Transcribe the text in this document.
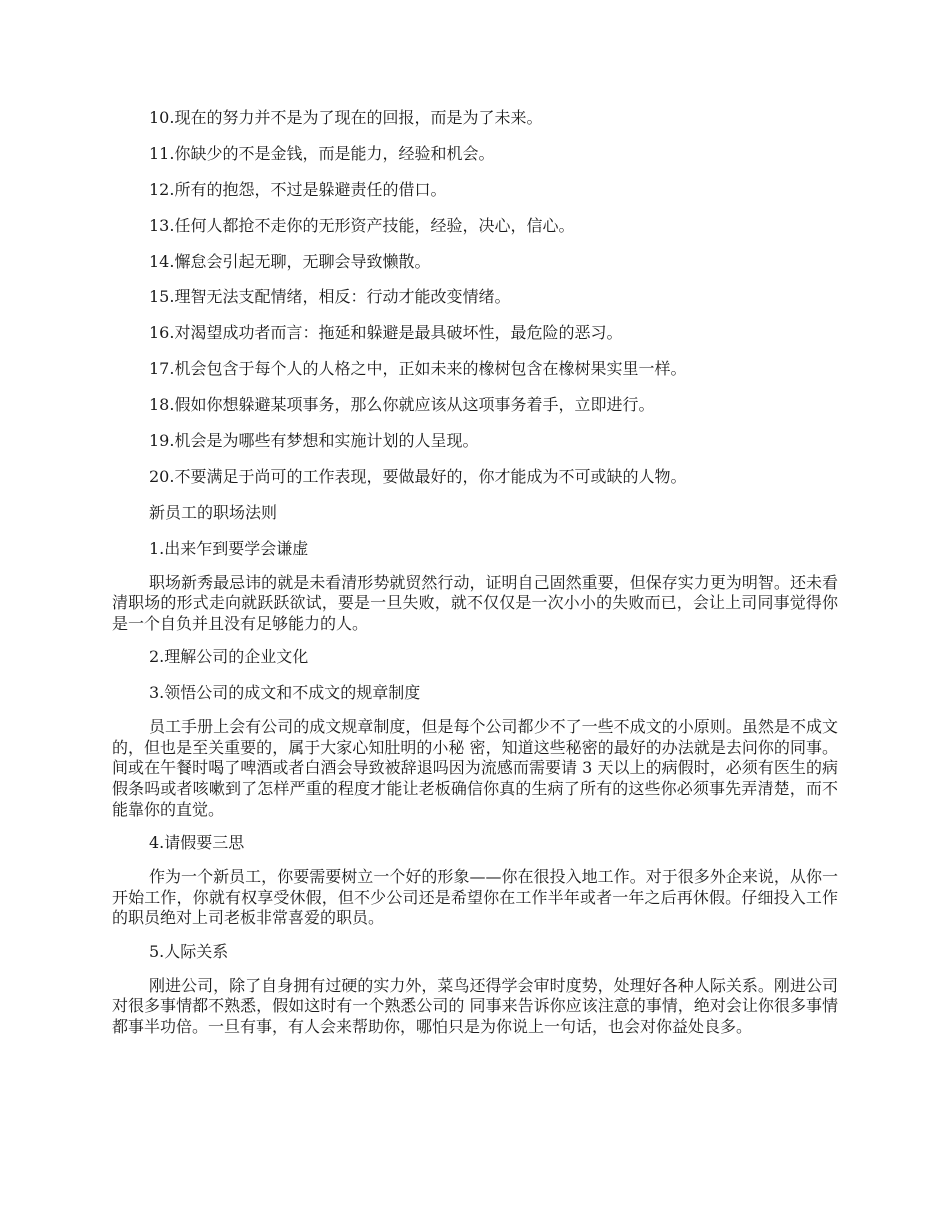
10.现在的努力并不是为了现在的回报，而是为了未来。
11.你缺少的不是金钱，而是能力，经验和机会。
12.所有的抱怨，不过是躲避责任的借口。
13.任何人都抢不走你的无形资产技能，经验，决心，信心。
14.懈怠会引起无聊，无聊会导致懒散。
15.理智无法支配情绪，相反：行动才能改变情绪。
16.对渴望成功者而言：拖延和躲避是最具破坏性，最危险的恶习。
17.机会包含于每个人的人格之中，正如未来的橡树包含在橡树果实里一样。
18.假如你想躲避某项事务，那么你就应该从这项事务着手，立即进行。
19.机会是为哪些有梦想和实施计划的人呈现。
20.不要满足于尚可的工作表现，要做最好的，你才能成为不可或缺的人物。
新员工的职场法则
1.出来乍到要学会谦虚
职场新秀最忌讳的就是未看清形势就贸然行动，证明自己固然重要，但保存实力更为明智。还未看清职场的形式走向就跃跃欲试，要是一旦失败，就不仅仅是一次小小的失败而已，会让上司同事觉得你是一个自负并且没有足够能力的人。
2.理解公司的企业文化
3.领悟公司的成文和不成文的规章制度
员工手册上会有公司的成文规章制度，但是每个公司都少不了一些不成文的小原则。虽然是不成文的，但也是至关重要的，属于大家心知肚明的小秘 密，知道这些秘密的最好的办法就是去问你的同事。间或在午餐时喝了啤酒或者白酒会导致被辞退吗因为流感而需要请 3 天以上的病假时，必须有医生的病 假条吗或者咳嗽到了怎样严重的程度才能让老板确信你真的生病了所有的这些你必须事先弄清楚，而不能靠你的直觉。
4.请假要三思
作为一个新员工，你要需要树立一个好的形象——你在很投入地工作。对于很多外企来说，从你一开始工作，你就有权享受休假，但不少公司还是希望你在工作半年或者一年之后再休假。仔细投入工作的职员绝对上司老板非常喜爱的职员。
5.人际关系
刚进公司，除了自身拥有过硬的实力外，菜鸟还得学会审时度势，处理好各种人际关系。刚进公司对很多事情都不熟悉，假如这时有一个熟悉公司的 同事来告诉你应该注意的事情，绝对会让你很多事情都事半功倍。一旦有事，有人会来帮助你，哪怕只是为你说上一句话，也会对你益处良多。
